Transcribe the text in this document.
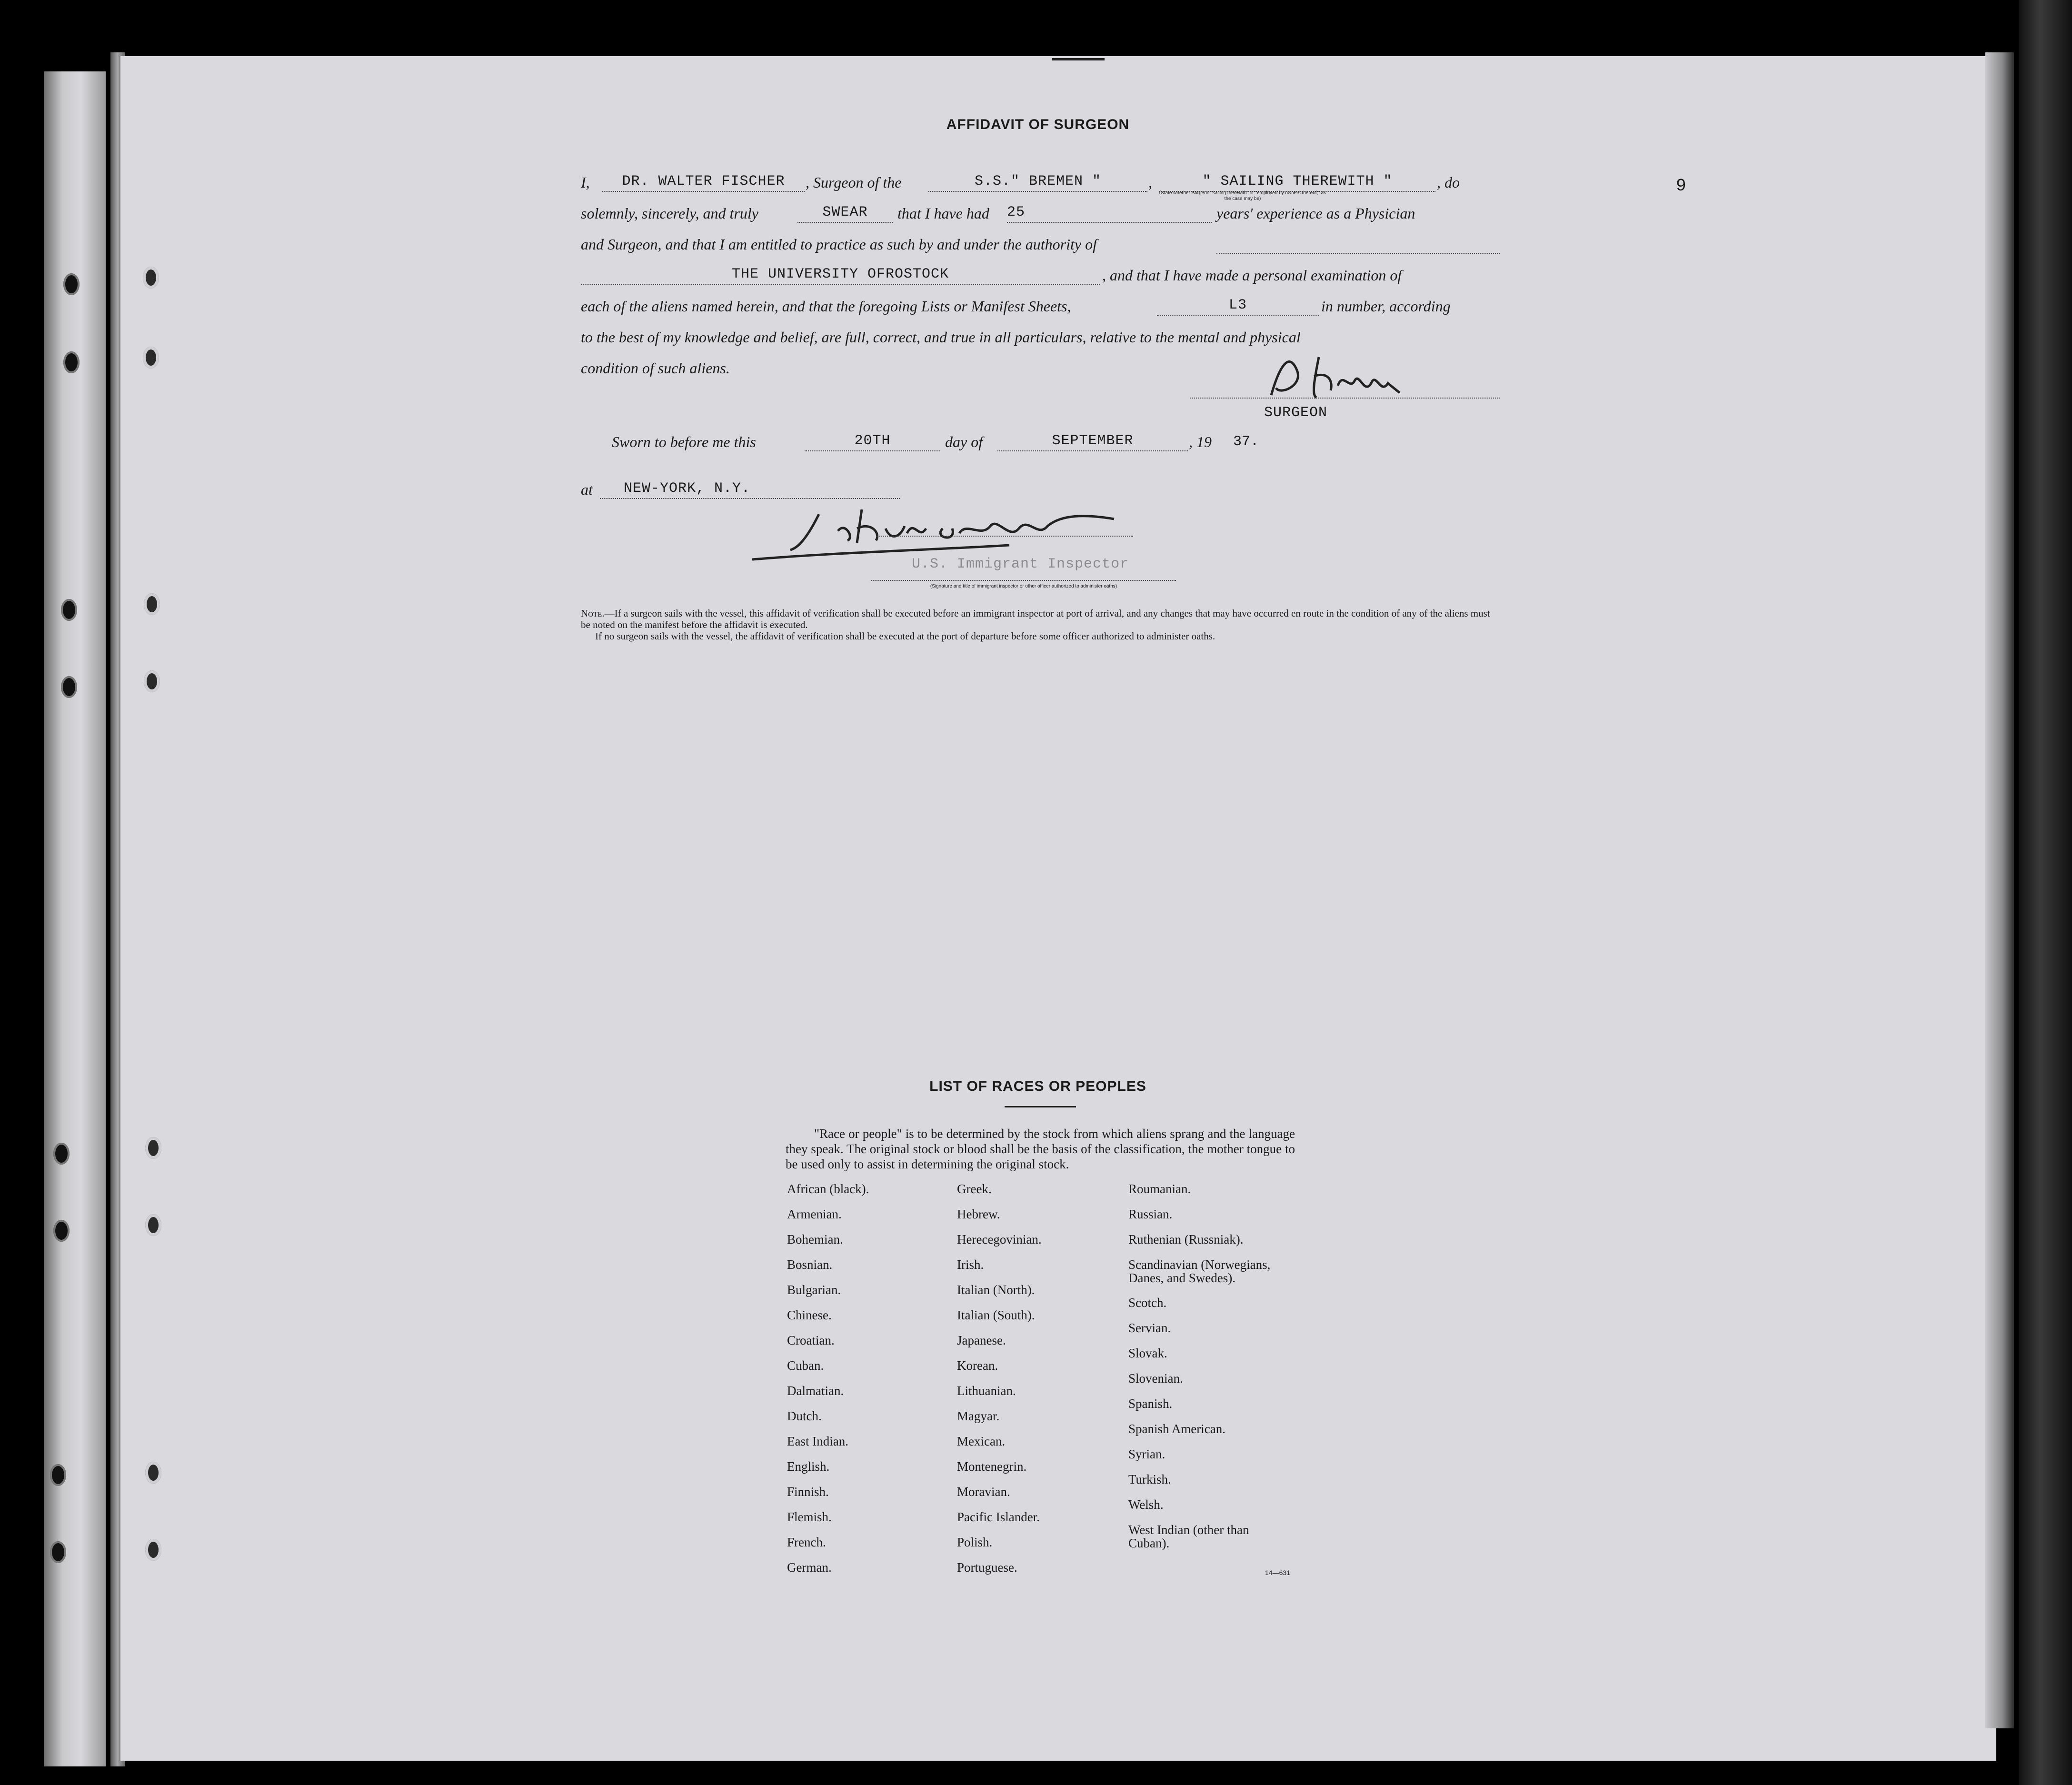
AFFIDAVIT OF SURGEON
I,	DR. WALTER FISCHER	, Surgeon of the	S.S." BREMEN "	,	" SAILING THEREWITH "	, do
(State whether Surgeon "sailing therewith" or "employed by owners thereof," as the case may be)
solemnly, sincerely, and truly	SWEAR	that I have had 25	years' experience as a Physician
and Surgeon, and that I am entitled to practice as such by and under the authority of
THE UNIVERSITY OFROSTOCK	, and that I have made a personal examination of
each of the aliens named herein, and that the foregoing Lists or Manifest Sheets,	L3	in number, according
to the best of my knowledge and belief, are full, correct, and true in all particulars, relative to the mental and physical
condition of such aliens.
SURGEON
Sworn to before me this	20TH	day of	SEPTEMBER	, 19 37.
at	NEW-YORK, N.Y.
U.S. Immigrant Inspector
(Signature and title of immigrant inspector or other officer authorized to administer oaths)
Note.—If a surgeon sails with the vessel, this affidavit of verification shall be executed before an immigrant inspector at port of arrival, and any changes that may have occurred en route in the condition of any of the aliens must be noted on the manifest before the affidavit is executed.
If no surgeon sails with the vessel, the affidavit of verification shall be executed at the port of departure before some officer authorized to administer oaths.
LIST OF RACES OR PEOPLES
"Race or people" is to be determined by the stock from which aliens sprang and the language they speak. The original stock or blood shall be the basis of the classification, the mother tongue to be used only to assist in determining the original stock.
African (black).
Armenian.
Bohemian.
Bosnian.
Bulgarian.
Chinese.
Croatian.
Cuban.
Dalmatian.
Dutch.
East Indian.
English.
Finnish.
Flemish.
French.
German.
Greek.
Hebrew.
Herecegovinian.
Irish.
Italian (North).
Italian (South).
Japanese.
Korean.
Lithuanian.
Magyar.
Mexican.
Montenegrin.
Moravian.
Pacific Islander.
Polish.
Portuguese.
Roumanian.
Russian.
Ruthenian (Russniak).
Scandinavian (Norwegians, Danes, and Swedes).
Scotch.
Servian.
Slovak.
Slovenian.
Spanish.
Spanish American.
Syrian.
Turkish.
Welsh.
West Indian (other than Cuban).
14—631
9
